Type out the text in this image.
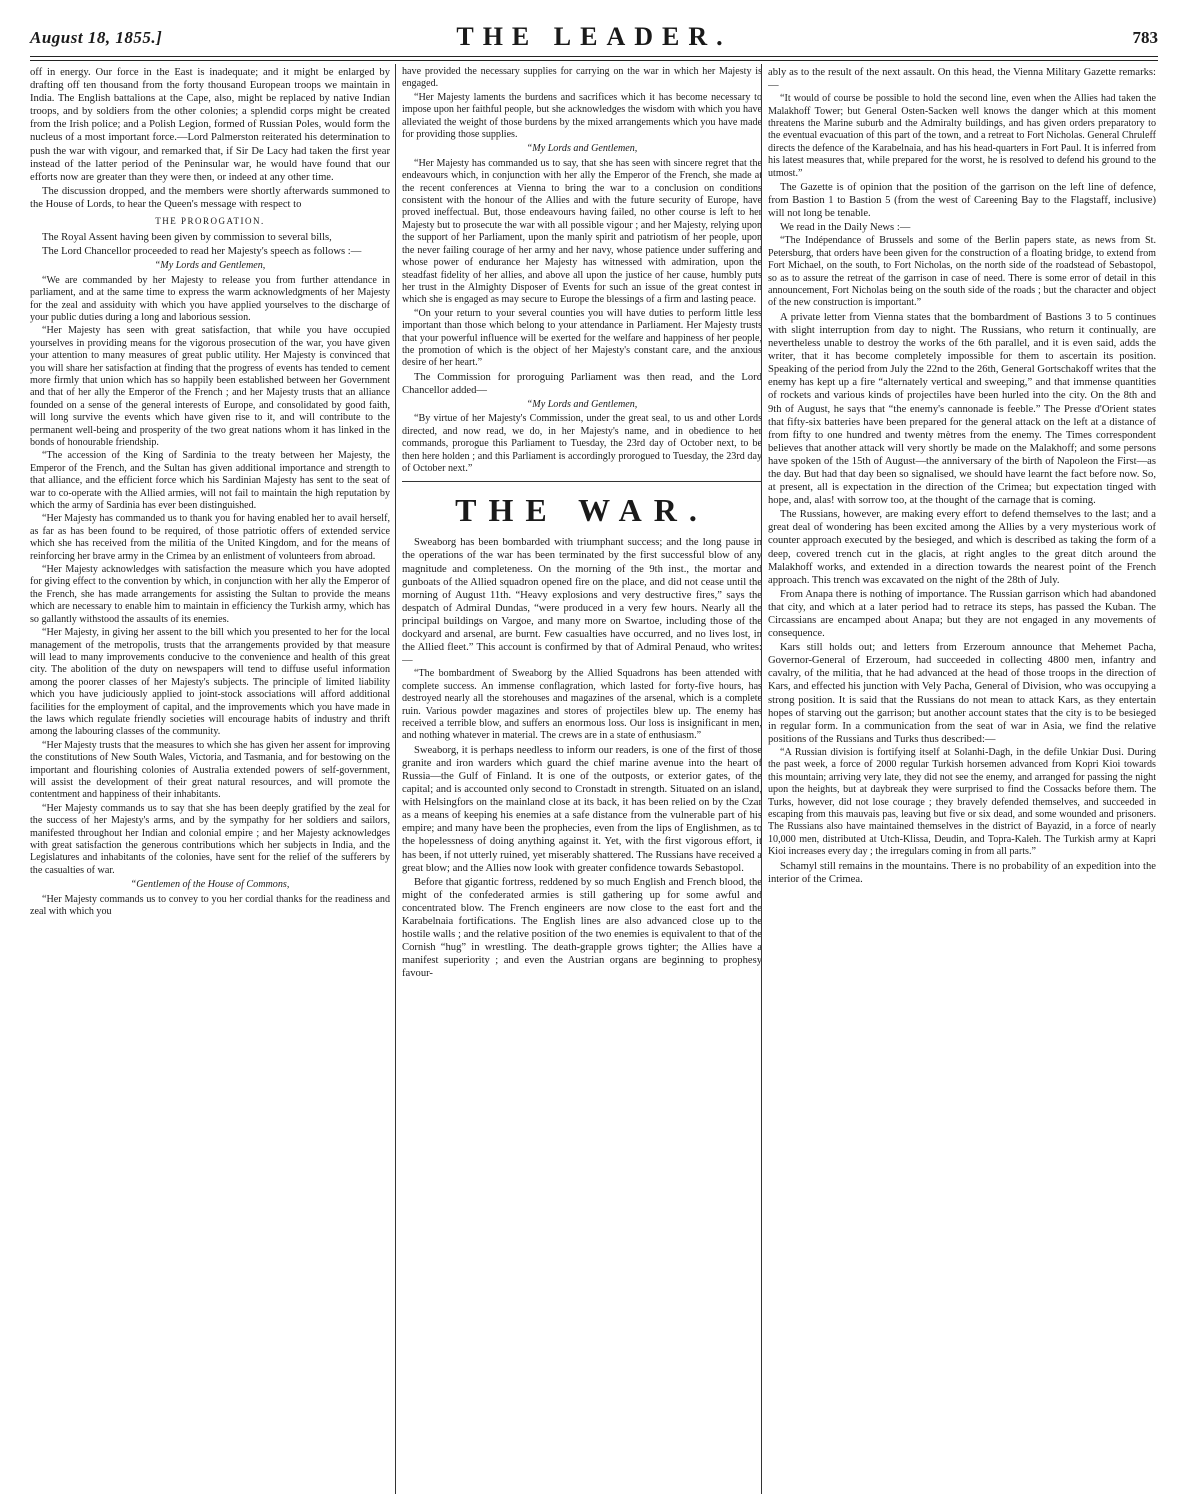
August 18, 1855.]	THE LEADER.	783

off in energy. Our force in the East is inadequate; and it might be enlarged by drafting off ten thousand from the forty thousand European troops we maintain in India. The English battalions at the Cape, also, might be replaced by native Indian troops, and by soldiers from the other colonies; a splendid corps might be created from the Irish police; and a Polish Legion, formed of Russian Poles, would form the nucleus of a most important force.—Lord Palmerston reiterated his determination to push the war with vigour, and remarked that, if Sir De Lacy had taken the first year instead of the latter period of the Peninsular war, he would have found that our efforts now are greater than they were then, or indeed at any other time.

The discussion dropped, and the members were shortly afterwards summoned to the House of Lords, to hear the Queen's message with respect to

THE PROROGATION.

The Royal Assent having been given by commission to several bills,

The Lord Chancellor proceeded to read her Majesty's speech as follows :—

“My Lords and Gentlemen,

“We are commanded by her Majesty to release you from further attendance in parliament, and at the same time to express the warm acknowledgments of her Majesty for the zeal and assiduity with which you have applied yourselves to the discharge of your public duties during a long and laborious session.

“Her Majesty has seen with great satisfaction, that while you have occupied yourselves in providing means for the vigorous prosecution of the war, you have given your attention to many measures of great public utility. Her Majesty is convinced that you will share her satisfaction at finding that the progress of events has tended to cement more firmly that union which has so happily been established between her Government and that of her ally the Emperor of the French ; and her Majesty trusts that an alliance founded on a sense of the general interests of Europe, and consolidated by good faith, will long survive the events which have given rise to it, and will contribute to the permanent well-being and prosperity of the two great nations whom it has linked in the bonds of honourable friendship.

“The accession of the King of Sardinia to the treaty between her Majesty, the Emperor of the French, and the Sultan has given additional importance and strength to that alliance, and the efficient force which his Sardinian Majesty has sent to the seat of war to co-operate with the Allied armies, will not fail to maintain the high reputation by which the army of Sardinia has ever been distinguished.

“Her Majesty has commanded us to thank you for having enabled her to avail herself, as far as has been found to be required, of those patriotic offers of extended service which she has received from the militia of the United Kingdom, and for the means of reinforcing her brave army in the Crimea by an enlistment of volunteers from abroad.

“Her Majesty acknowledges with satisfaction the measure which you have adopted for giving effect to the convention by which, in conjunction with her ally the Emperor of the French, she has made arrangements for assisting the Sultan to provide the means which are necessary to enable him to maintain in efficiency the Turkish army, which has so gallantly withstood the assaults of its enemies.

“Her Majesty, in giving her assent to the bill which you presented to her for the local management of the metropolis, trusts that the arrangements provided by that measure will lead to many improvements conducive to the convenience and health of this great city. The abolition of the duty on newspapers will tend to diffuse useful information among the poorer classes of her Majesty's subjects. The principle of limited liability which you have judiciously applied to joint-stock associations will afford additional facilities for the employment of capital, and the improvements which you have made in the laws which regulate friendly societies will encourage habits of industry and thrift among the labouring classes of the community.

“Her Majesty trusts that the measures to which she has given her assent for improving the constitutions of New South Wales, Victoria, and Tasmania, and for bestowing on the important and flourishing colonies of Australia extended powers of self-government, will assist the development of their great natural resources, and will promote the contentment and happiness of their inhabitants.

“Her Majesty commands us to say that she has been deeply gratified by the zeal for the success of her Majesty's arms, and by the sympathy for her soldiers and sailors, manifested throughout her Indian and colonial empire ; and her Majesty acknowledges with great satisfaction the generous contributions which her subjects in India, and the Legislatures and inhabitants of the colonies, have sent for the relief of the sufferers by the casualties of war.

“Gentlemen of the House of Commons,

“Her Majesty commands us to convey to you her cordial thanks for the readiness and zeal with which you

have provided the necessary supplies for carrying on the war in which her Majesty is engaged.

“Her Majesty laments the burdens and sacrifices which it has become necessary to impose upon her faithful people, but she acknowledges the wisdom with which you have alleviated the weight of those burdens by the mixed arrangements which you have made for providing those supplies.

“My Lords and Gentlemen,

“Her Majesty has commanded us to say, that she has seen with sincere regret that the endeavours which, in conjunction with her ally the Emperor of the French, she made at the recent conferences at Vienna to bring the war to a conclusion on conditions consistent with the honour of the Allies and with the future security of Europe, have proved ineffectual. But, those endeavours having failed, no other course is left to her Majesty but to prosecute the war with all possible vigour ; and her Majesty, relying upon the support of her Parliament, upon the manly spirit and patriotism of her people, upon the never failing courage of her army and her navy, whose patience under suffering and whose power of endurance her Majesty has witnessed with admiration, upon the steadfast fidelity of her allies, and above all upon the justice of her cause, humbly puts her trust in the Almighty Disposer of Events for such an issue of the great contest in which she is engaged as may secure to Europe the blessings of a firm and lasting peace.

“On your return to your several counties you will have duties to perform little less important than those which belong to your attendance in Parliament. Her Majesty trusts that your powerful influence will be exerted for the welfare and happiness of her people, the promotion of which is the object of her Majesty's constant care, and the anxious desire of her heart.”

The Commission for proroguing Parliament was then read, and the Lord Chancellor added—

“My Lords and Gentlemen,

“By virtue of her Majesty's Commission, under the great seal, to us and other Lords directed, and now read, we do, in her Majesty's name, and in obedience to her commands, prorogue this Parliament to Tuesday, the 23rd day of October next, to be then here holden ; and this Parliament is accordingly prorogued to Tuesday, the 23rd day of October next.”

THE WAR.

Sweaborg has been bombarded with triumphant success; and the long pause in the operations of the war has been terminated by the first successful blow of any magnitude and completeness. On the morning of the 9th inst., the mortar and gunboats of the Allied squadron opened fire on the place, and did not cease until the morning of August 11th. “Heavy explosions and very destructive fires,” says the despatch of Admiral Dundas, “were produced in a very few hours. Nearly all the principal buildings on Vargoe, and many more on Swartoe, including those of the dockyard and arsenal, are burnt. Few casualties have occurred, and no lives lost, in the Allied fleet.” This account is confirmed by that of Admiral Penaud, who writes:—

“The bombardment of Sweaborg by the Allied Squadrons has been attended with complete success. An immense conflagration, which lasted for forty-five hours, has destroyed nearly all the storehouses and magazines of the arsenal, which is a complete ruin. Various powder magazines and stores of projectiles blew up. The enemy has received a terrible blow, and suffers an enormous loss. Our loss is insignificant in men, and nothing whatever in material. The crews are in a state of enthusiasm.”

Sweaborg, it is perhaps needless to inform our readers, is one of the first of those granite and iron warders which guard the chief marine avenue into the heart of Russia—the Gulf of Finland. It is one of the outposts, or exterior gates, of the capital; and is accounted only second to Cronstadt in strength. Situated on an island, with Helsingfors on the mainland close at its back, it has been relied on by the Czar as a means of keeping his enemies at a safe distance from the vulnerable part of his empire; and many have been the prophecies, even from the lips of Englishmen, as to the hopelessness of doing anything against it. Yet, with the first vigorous effort, it has been, if not utterly ruined, yet miserably shattered. The Russians have received a great blow; and the Allies now look with greater confidence towards Sebastopol.

Before that gigantic fortress, reddened by so much English and French blood, the might of the confederated armies is still gathering up for some awful and concentrated blow. The French engineers are now close to the east fort and the Karabelnaia fortifications. The English lines are also advanced close up to the hostile walls ; and the relative position of the two enemies is equivalent to that of the Cornish “hug” in wrestling. The death-grapple grows tighter; the Allies have a manifest superiority ; and even the Austrian organs are beginning to prophesy favour-

ably as to the result of the next assault. On this head, the Vienna Military Gazette remarks:—

“It would of course be possible to hold the second line, even when the Allies had taken the Malakhoff Tower; but General Osten-Sacken well knows the danger which at this moment threatens the Marine suburb and the Admiralty buildings, and has given orders preparatory to the eventual evacuation of this part of the town, and a retreat to Fort Nicholas. General Chruleff directs the defence of the Karabelnaia, and has his head-quarters in Fort Paul. It is inferred from his latest measures that, while prepared for the worst, he is resolved to defend his ground to the utmost.”

The Gazette is of opinion that the position of the garrison on the left line of defence, from Bastion 1 to Bastion 5 (from the west of Careening Bay to the Flagstaff, inclusive) will not long be tenable.

We read in the Daily News :—

“The Indépendance of Brussels and some of the Berlin papers state, as news from St. Petersburg, that orders have been given for the construction of a floating bridge, to extend from Fort Michael, on the south, to Fort Nicholas, on the north side of the roadstead of Sebastopol, so as to assure the retreat of the garrison in case of need. There is some error of detail in this announcement, Fort Nicholas being on the south side of the roads ; but the character and object of the new construction is important.”

A private letter from Vienna states that the bombardment of Bastions 3 to 5 continues with slight interruption from day to night. The Russians, who return it continually, are nevertheless unable to destroy the works of the 6th parallel, and it is even said, adds the writer, that it has become completely impossible for them to ascertain its position. Speaking of the period from July the 22nd to the 26th, General Gortschakoff writes that the enemy has kept up a fire “alternately vertical and sweeping,” and that immense quantities of rockets and various kinds of projectiles have been hurled into the city. On the 8th and 9th of August, he says that “the enemy's cannonade is feeble.” The Presse d'Orient states that fifty-six batteries have been prepared for the general attack on the left at a distance of from fifty to one hundred and twenty mètres from the enemy. The Times correspondent believes that another attack will very shortly be made on the Malakhoff; and some persons have spoken of the 15th of August—the anniversary of the birth of Napoleon the First—as the day. But had that day been so signalised, we should have learnt the fact before now. So, at present, all is expectation in the direction of the Crimea; but expectation tinged with hope, and, alas! with sorrow too, at the thought of the carnage that is coming.

The Russians, however, are making every effort to defend themselves to the last; and a great deal of wondering has been excited among the Allies by a very mysterious work of counter approach executed by the besieged, and which is described as taking the form of a deep, covered trench cut in the glacis, at right angles to the great ditch around the Malakhoff works, and extended in a direction towards the nearest point of the French approach. This trench was excavated on the night of the 28th of July.

From Anapa there is nothing of importance. The Russian garrison which had abandoned that city, and which at a later period had to retrace its steps, has passed the Kuban. The Circassians are encamped about Anapa; but they are not engaged in any movements of consequence.

Kars still holds out; and letters from Erzeroum announce that Mehemet Pacha, Governor-General of Erzeroum, had succeeded in collecting 4800 men, infantry and cavalry, of the militia, that he had advanced at the head of those troops in the direction of Kars, and effected his junction with Vely Pacha, General of Division, who was occupying a strong position. It is said that the Russians do not mean to attack Kars, as they entertain hopes of starving out the garrison; but another account states that the city is to be besieged in regular form. In a communication from the seat of war in Asia, we find the relative positions of the Russians and Turks thus described:—

“A Russian division is fortifying itself at Solanhi-Dagh, in the defile Unkiar Dusi. During the past week, a force of 2000 regular Turkish horsemen advanced from Kopri Kioi towards this mountain; arriving very late, they did not see the enemy, and arranged for passing the night upon the heights, but at daybreak they were surprised to find the Cossacks before them. The Turks, however, did not lose courage ; they bravely defended themselves, and succeeded in escaping from this mauvais pas, leaving but five or six dead, and some wounded and prisoners. The Russians also have maintained themselves in the district of Bayazid, in a force of nearly 10,000 men, distributed at Utch-Klissa, Deudin, and Topra-Kaleh. The Turkish army at Kapri Kioi increases every day ; the irregulars coming in from all parts.”

Schamyl still remains in the mountains. There is no probability of an expedition into the interior of the Crimea.
